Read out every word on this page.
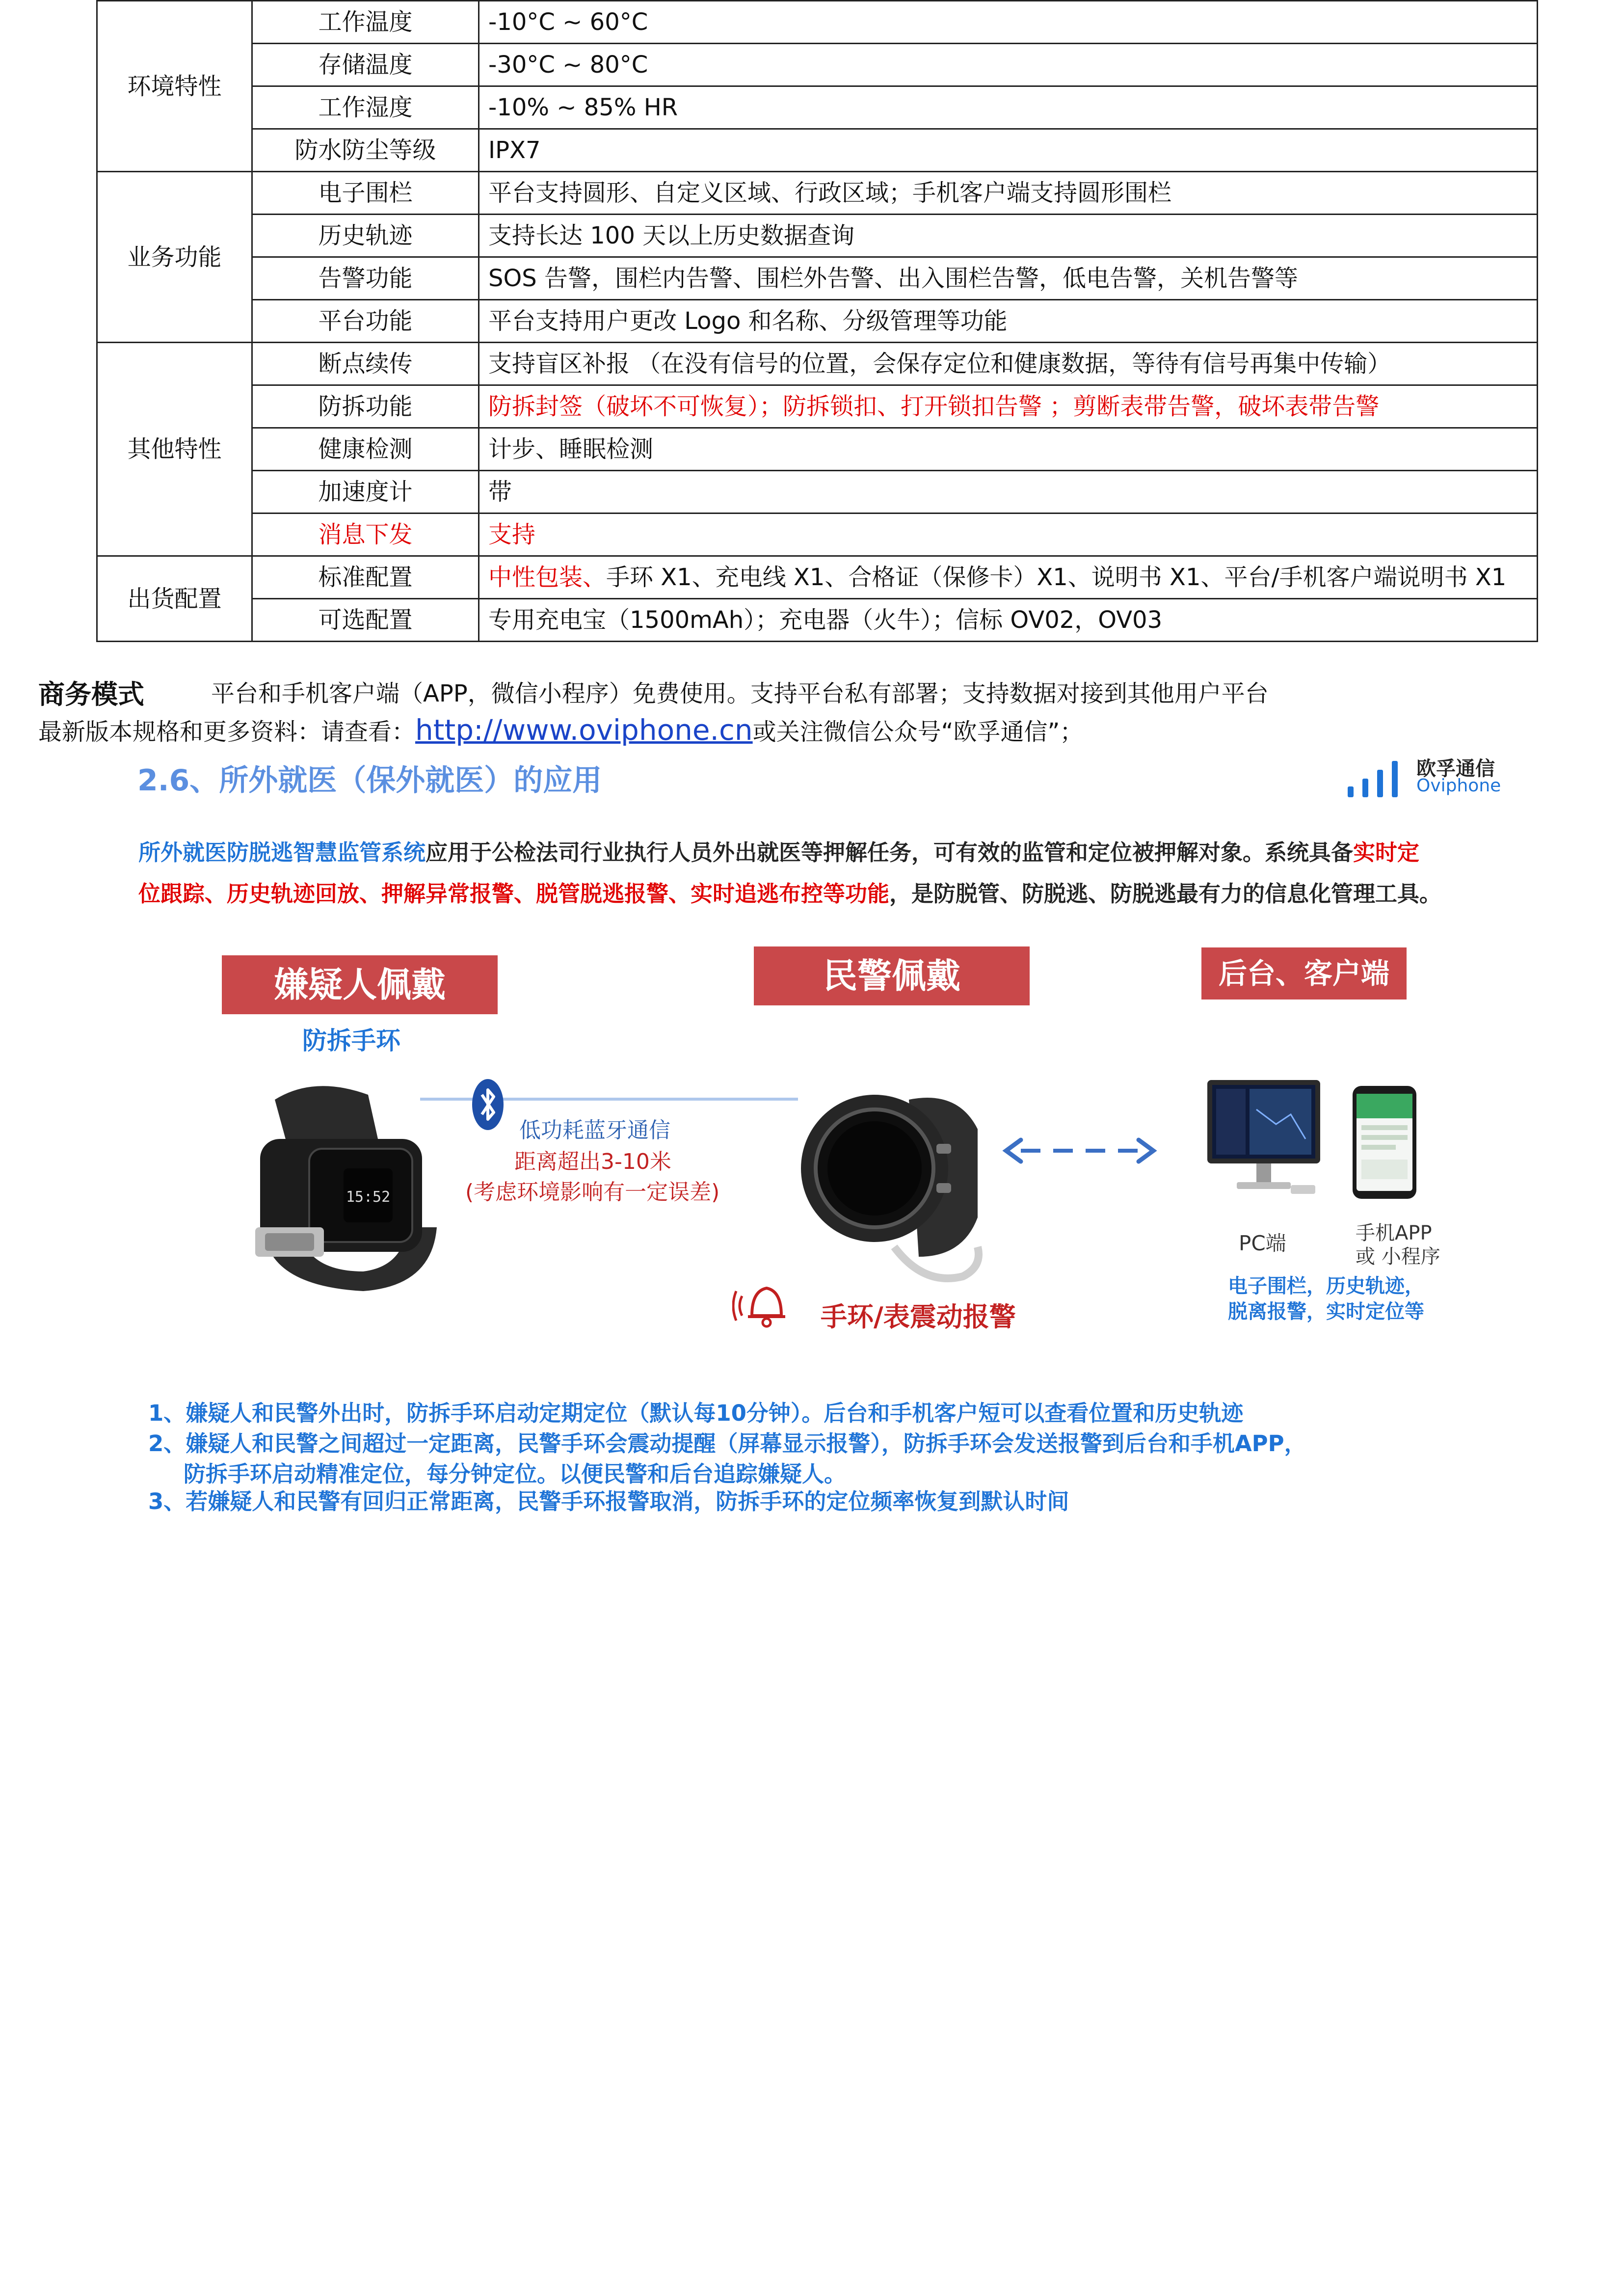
环境特性	工作温度	-10°C ~ 60°C
	存储温度	-30°C ~ 80°C
	工作湿度	-10% ~ 85% HR
	防水防尘等级	IPX7
业务功能	电子围栏	平台支持圆形、自定义区域、行政区域；手机客户端支持圆形围栏
	历史轨迹	支持长达 100 天以上历史数据查询
	告警功能	SOS 告警，围栏内告警、围栏外告警、出入围栏告警，低电告警，关机告警等
	平台功能	平台支持用户更改 Logo 和名称、分级管理等功能
其他特性	断点续传	支持盲区补报 （在没有信号的位置，会保存定位和健康数据，等待有信号再集中传输）
	防拆功能	防拆封签（破坏不可恢复）；防拆锁扣、打开锁扣告警 ；剪断表带告警，破坏表带告警
	健康检测	计步、睡眠检测
	加速度计	带
	消息下发	支持
出货配置	标准配置	中性包装、手环 X1、充电线 X1、合格证（保修卡）X1、说明书 X1、平台/手机客户端说明书 X1
	可选配置	专用充电宝（1500mAh）；充电器（火牛）；信标 OV02，OV03
商务模式	平台和手机客户端（APP，微信小程序）免费使用。支持平台私有部署；支持数据对接到其他用户平台
最新版本规格和更多资料：请查看：http://www.oviphone.cn或关注微信公众号“欧孚通信”；
2.6、所外就医（保外就医）的应用	欧孚通信
Oviphone
所外就医防脱逃智慧监管系统应用于公检法司行业执行人员外出就医等押解任务，可有效的监管和定位被押解对象。系统具备实时定
位跟踪、历史轨迹回放、押解异常报警、脱管脱逃报警、实时追逃布控等功能，是防脱管、防脱逃、防脱逃最有力的信息化管理工具。
嫌疑人佩戴	民警佩戴	后台、客户端
防拆手环
15:52
低功耗蓝牙通信
距离超出3-10米
(考虑环境影响有一定误差)
PC端	手机APP
或 小程序
电子围栏，历史轨迹，
脱离报警，实时定位等
手环/表震动报警
1、嫌疑人和民警外出时，防拆手环启动定期定位（默认每10分钟）。后台和手机客户短可以查看位置和历史轨迹
2、嫌疑人和民警之间超过一定距离，民警手环会震动提醒（屏幕显示报警），防拆手环会发送报警到后台和手机APP，
防拆手环启动精准定位，每分钟定位。以便民警和后台追踪嫌疑人。
3、若嫌疑人和民警有回归正常距离，民警手环报警取消，防拆手环的定位频率恢复到默认时间
